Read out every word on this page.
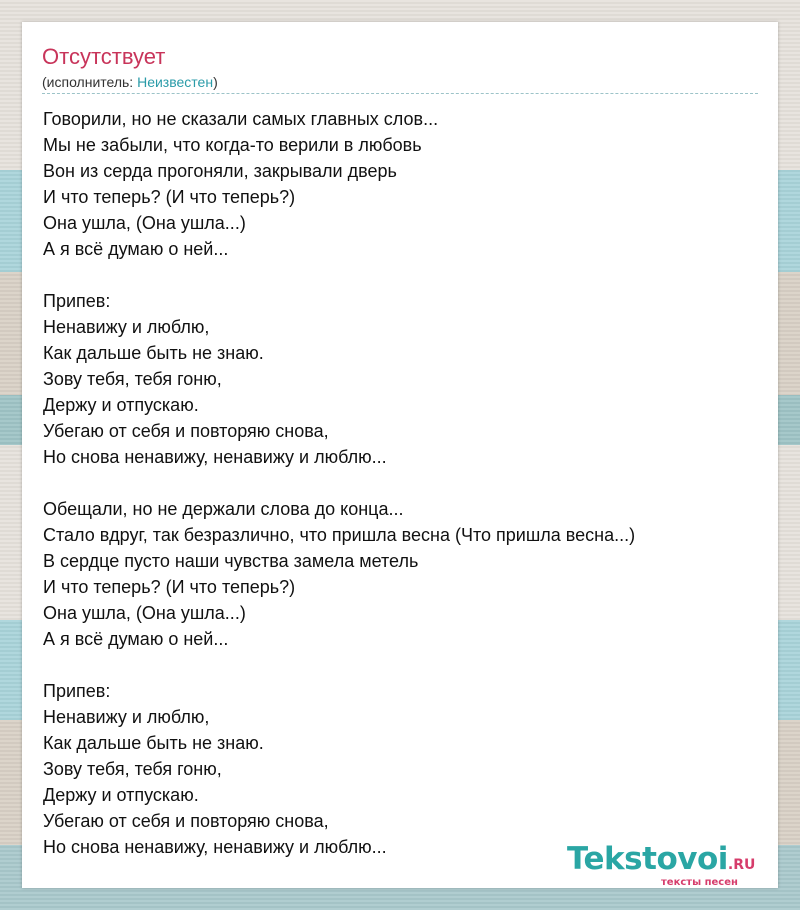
Отсутствует
(исполнитель: Неизвестен)
Говорили, но не сказали самых главных слов...
Мы не забыли, что когда-то верили в любовь
Вон из серда прогоняли, закрывали дверь
И что теперь? (И что теперь?)
Она ушла, (Она ушла...)
А я всё думаю о ней...
Припев:
Ненавижу и люблю,
Как дальше быть не знаю.
Зову тебя, тебя гоню,
Держу и отпускаю.
Убегаю от себя и повторяю снова,
Но снова ненавижу, ненавижу и люблю...
Обещали, но не держали слова до конца...
Стало вдруг, так безразлично, что пришла весна (Что пришла весна...)
В сердце пусто наши чувства замела метель
И что теперь? (И что теперь?)
Она ушла, (Она ушла...)
А я всё думаю о ней...
Припев:
Ненавижу и люблю,
Как дальше быть не знаю.
Зову тебя, тебя гоню,
Держу и отпускаю.
Убегаю от себя и повторяю снова,
Но снова ненавижу, ненавижу и люблю...	Tekstovoi.RU
тексты песен
